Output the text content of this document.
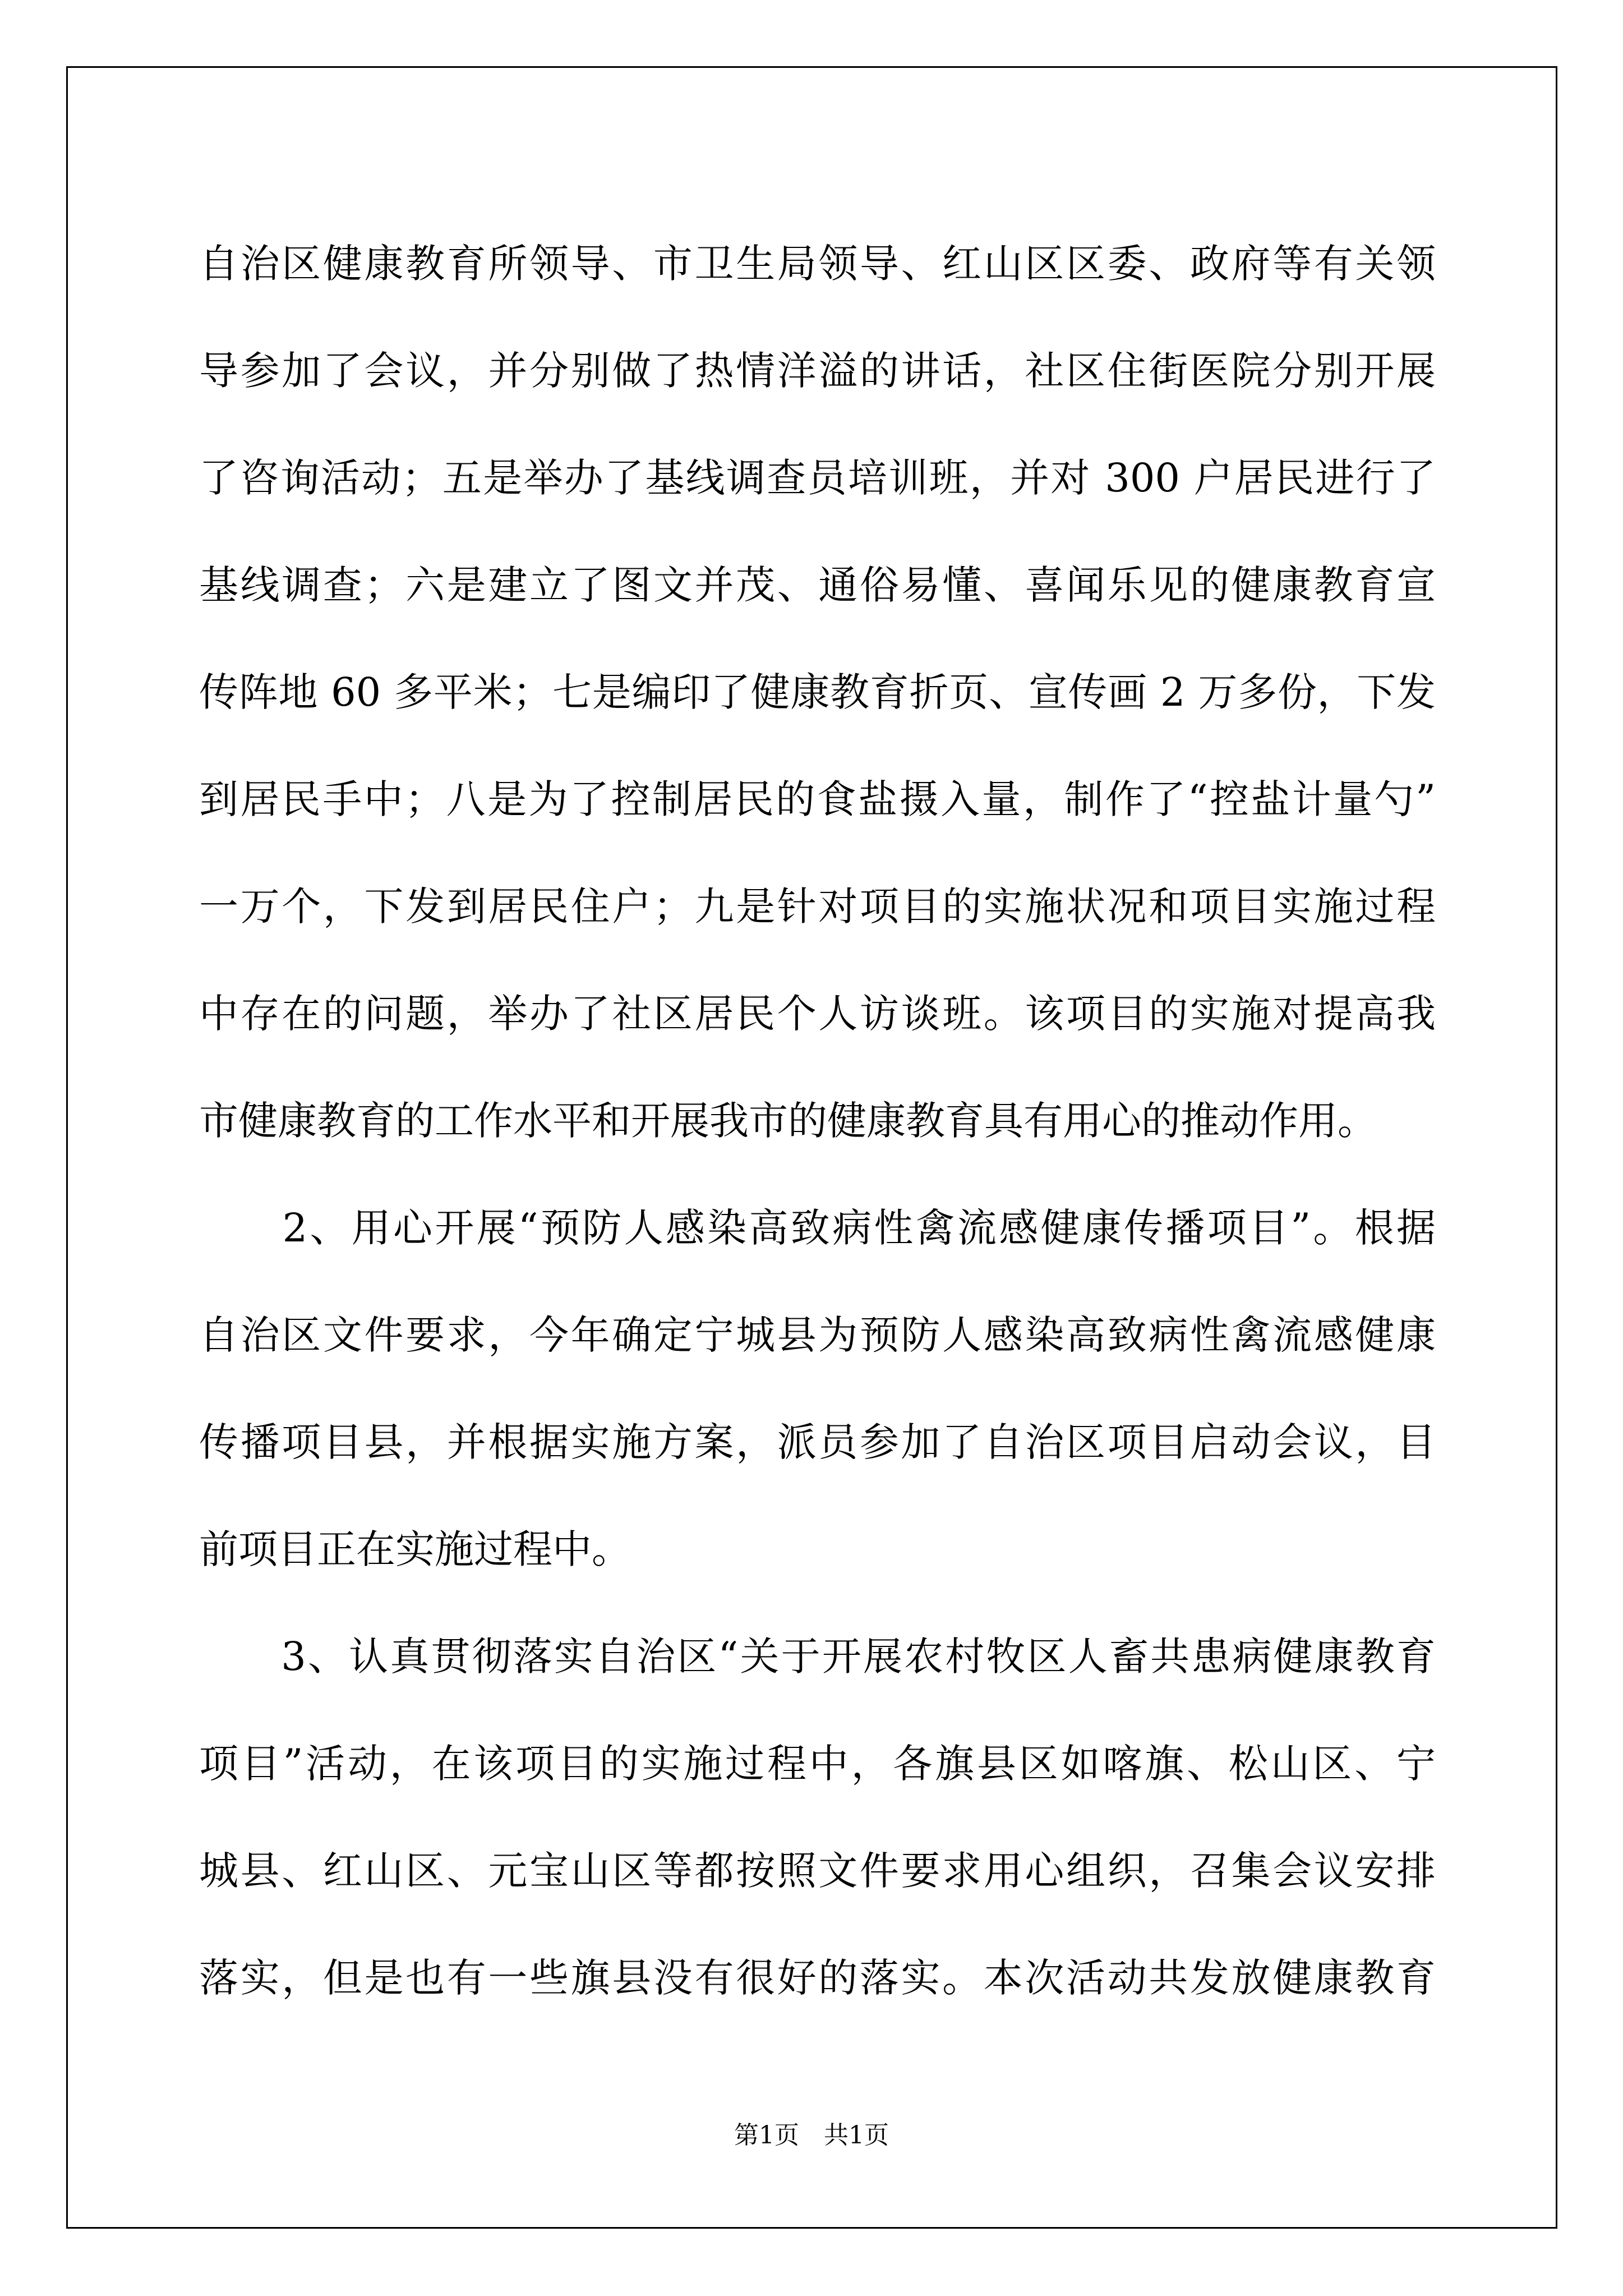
自治区健康教育所领导、市卫生局领导、红山区区委、政府等有关领
导参加了会议，并分别做了热情洋溢的讲话，社区住街医院分别开展
了咨询活动；五是举办了基线调查员培训班，并对 300 户居民进行了
基线调查；六是建立了图文并茂、通俗易懂、喜闻乐见的健康教育宣
传阵地 60 多平米；七是编印了健康教育折页、宣传画 2 万多份，下发
到居民手中；八是为了控制居民的食盐摄入量，制作了“控盐计量勺”
一万个，下发到居民住户；九是针对项目的实施状况和项目实施过程
中存在的问题，举办了社区居民个人访谈班。该项目的实施对提高我
市健康教育的工作水平和开展我市的健康教育具有用心的推动作用。
　　2、用心开展“预防人感染高致病性禽流感健康传播项目”。根据
自治区文件要求，今年确定宁城县为预防人感染高致病性禽流感健康
传播项目县，并根据实施方案，派员参加了自治区项目启动会议，目
前项目正在实施过程中。
　　3、认真贯彻落实自治区“关于开展农村牧区人畜共患病健康教育
项目”活动，在该项目的实施过程中，各旗县区如喀旗、松山区、宁
城县、红山区、元宝山区等都按照文件要求用心组织，召集会议安排
落实，但是也有一些旗县没有很好的落实。本次活动共发放健康教育
第1页　共1页
